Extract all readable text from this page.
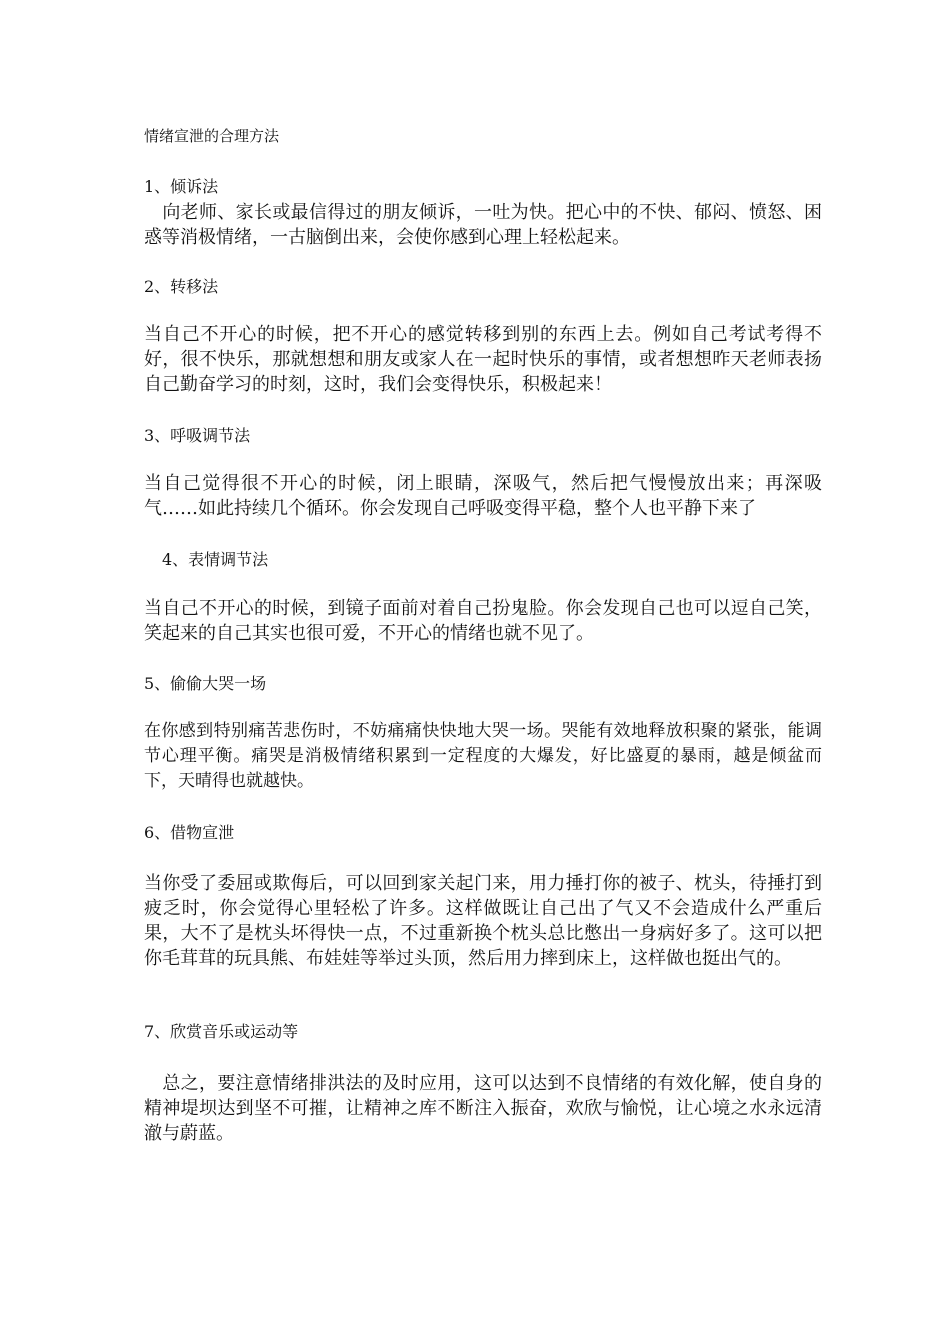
情绪宣泄的合理方法
1、倾诉法
　向老师、家长或最信得过的朋友倾诉，一吐为快。把心中的不快、郁闷、愤怒、困惑等消极情绪，一古脑倒出来，会使你感到心理上轻松起来。
2、转移法
当自己不开心的时候，把不开心的感觉转移到别的东西上去。例如自己考试考得不好，很不快乐，那就想想和朋友或家人在一起时快乐的事情，或者想想昨天老师表扬自己勤奋学习的时刻，这时，我们会变得快乐，积极起来！
3、呼吸调节法
当自己觉得很不开心的时候，闭上眼睛，深吸气，然后把气慢慢放出来；再深吸气……如此持续几个循环。你会发现自己呼吸变得平稳，整个人也平静下来了
4、表情调节法
当自己不开心的时候，到镜子面前对着自己扮鬼脸。你会发现自己也可以逗自己笑，笑起来的自己其实也很可爱，不开心的情绪也就不见了。
5、偷偷大哭一场
在你感到特别痛苦悲伤时，不妨痛痛快快地大哭一场。哭能有效地释放积聚的紧张，能调节心理平衡。痛哭是消极情绪积累到一定程度的大爆发，好比盛夏的暴雨，越是倾盆而下，天晴得也就越快。
6、借物宣泄
当你受了委屈或欺侮后，可以回到家关起门来，用力捶打你的被子、枕头，待捶打到疲乏时，你会觉得心里轻松了许多。这样做既让自己出了气又不会造成什么严重后果，大不了是枕头坏得快一点，不过重新换个枕头总比憋出一身病好多了。这可以把你毛茸茸的玩具熊、布娃娃等举过头顶，然后用力摔到床上，这样做也挺出气的。
7、欣赏音乐或运动等
　总之，要注意情绪排洪法的及时应用，这可以达到不良情绪的有效化解，使自身的精神堤坝达到坚不可摧，让精神之库不断注入振奋，欢欣与愉悦，让心境之水永远清澈与蔚蓝。
